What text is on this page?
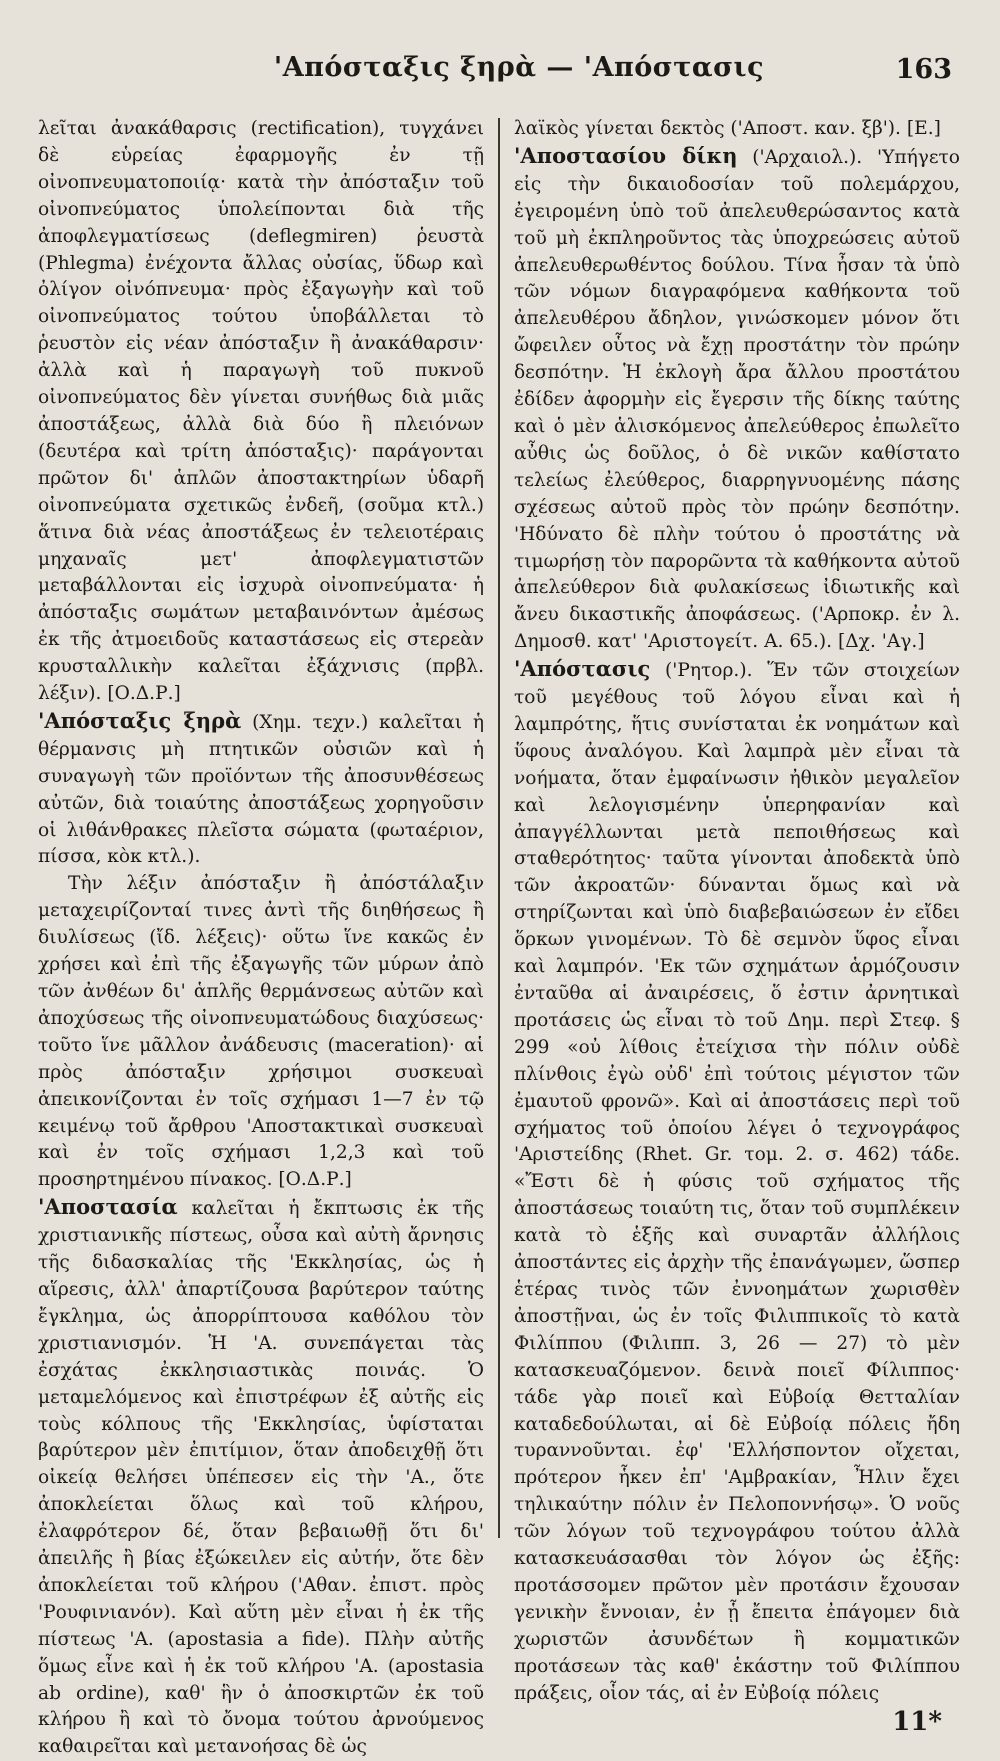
'Απόσταξις ξηρὰ — 'Απόστασις	163

λεῖται ἀνακάθαρσις (rectification), τυγχάνει δὲ εὑρείας ἐφαρμογῆς ἐν τῇ οἰνοπνευματοποιίᾳ· κατὰ τὴν ἀπόσταξιν τοῦ οἰνοπνεύματος ὑπολείπονται διὰ τῆς ἀποφλεγματίσεως (deflegmiren) ῥευστὰ (Phlegma) ἐνέχοντα ἄλλας οὐσίας, ὕδωρ καὶ ὀλίγον οἰνόπνευμα· πρὸς ἐξαγωγὴν καὶ τοῦ οἰνοπνεύματος τούτου ὑποβάλλεται τὸ ῥευστὸν εἰς νέαν ἀπόσταξιν ἢ ἀνακάθαρσιν· ἀλλὰ καὶ ἡ παραγωγὴ τοῦ πυκνοῦ οἰνοπνεύματος δὲν γίνεται συνήθως διὰ μιᾶς ἀποστάξεως, ἀλλὰ διὰ δύο ἢ πλειόνων (δευτέρα καὶ τρίτη ἀπόσταξις)· παράγονται πρῶτον δι' ἁπλῶν ἀποστακτηρίων ὑδαρῆ οἰνοπνεύματα σχετικῶς ἐνδεῆ, (σοῦμα κτλ.) ἅτινα διὰ νέας ἀποστάξεως ἐν τελειοτέραις μηχαναῖς μετ' ἀποφλεγματιστῶν μεταβάλλονται εἰς ἰσχυρὰ οἰνοπνεύματα· ἡ ἀπόσταξις σωμάτων μεταβαινόντων ἀμέσως ἐκ τῆς ἀτμοειδοῦς καταστάσεως εἰς στερεὰν κρυσταλλικὴν καλεῖται ἐξάχνισις (πρβλ. λέξιν). [Ο.Δ.Ρ.]

'Απόσταξις ξηρὰ (Χημ. τεχν.) καλεῖται ἡ θέρμανσις μὴ πτητικῶν οὐσιῶν καὶ ἡ συναγωγὴ τῶν προϊόντων τῆς ἀποσυνθέσεως αὐτῶν, διὰ τοιαύτης ἀποστάξεως χορηγοῦσιν οἱ λιθάνθρακες πλεῖστα σώματα (φωταέριον, πίσσα, κὸκ κτλ.).

Τὴν λέξιν ἀπόσταξιν ἢ ἀπόστάλαξιν μεταχειρίζονταί τινες ἀντὶ τῆς διηθήσεως ἢ διυλίσεως (ἴδ. λέξεις)· οὕτω ἵνε κακῶς ἐν χρήσει καὶ ἐπὶ τῆς ἐξαγωγῆς τῶν μύρων ἀπὸ τῶν ἀνθέων δι' ἁπλῆς θερμάνσεως αὐτῶν καὶ ἀποχύσεως τῆς οἰνοπνευματώδους διαχύσεως· τοῦτο ἵνε μᾶλλον ἀνάδευσις (maceration)· αἱ πρὸς ἀπόσταξιν χρήσιμοι συσκευαὶ ἀπεικονίζονται ἐν τοῖς σχήμασι 1—7 ἐν τῷ κειμένῳ τοῦ ἄρθρου 'Αποστακτικαὶ συσκευαὶ καὶ ἐν τοῖς σχήμασι 1,2,3 καὶ τοῦ προσηρτημένου πίνακος. [Ο.Δ.Ρ.]

'Αποστασία καλεῖται ἡ ἔκπτωσις ἐκ τῆς χριστιανικῆς πίστεως, οὖσα καὶ αὐτὴ ἄρνησις τῆς διδασκαλίας τῆς 'Εκκλησίας, ὡς ἡ αἵρεσις, ἀλλ' ἀπαρτίζουσα βαρύτερον ταύτης ἔγκλημα, ὡς ἀπορρίπτουσα καθόλου τὸν χριστιανισμόν. Ἡ 'Α. συνεπάγεται τὰς ἐσχάτας ἐκκλησιαστικὰς ποινάς. Ὁ μεταμελόμενος καὶ ἐπιστρέφων ἐξ αὐτῆς εἰς τοὺς κόλπους τῆς 'Εκκλησίας, ὑφίσταται βαρύτερον μὲν ἐπιτίμιον, ὅταν ἀποδειχθῇ ὅτι οἰκείᾳ θελήσει ὑπέπεσεν εἰς τὴν 'Α., ὅτε ἀποκλείεται ὅλως καὶ τοῦ κλήρου, ἐλαφρότερον δέ, ὅταν βεβαιωθῇ ὅτι δι' ἀπειλῆς ἢ βίας ἐξώκειλεν εἰς αὐτήν, ὅτε δὲν ἀποκλείεται τοῦ κλήρου ('Αθαν. ἐπιστ. πρὸς 'Ρουφινιανόν). Καὶ αὕτη μὲν εἶναι ἡ ἐκ τῆς πίστεως 'Α. (apostasia a fide). Πλὴν αὐτῆς ὅμως εἶνε καὶ ἡ ἐκ τοῦ κλήρου 'Α. (apostasia ab ordine), καθ' ἣν ὁ ἀποσκιρτῶν ἐκ τοῦ κλήρου ἢ καὶ τὸ ὄνομα τούτου ἀρνούμενος καθαιρεῖται καὶ μετανοήσας δὲ ὡς

λαϊκὸς γίνεται δεκτὸς ('Αποστ. καν. ξβ'). [Ε.]

'Αποστασίου δίκη ('Αρχαιολ.). 'Υπήγετο εἰς τὴν δικαιοδοσίαν τοῦ πολεμάρχου, ἐγειρομένη ὑπὸ τοῦ ἀπελευθερώσαντος κατὰ τοῦ μὴ ἐκπληροῦντος τὰς ὑποχρεώσεις αὐτοῦ ἀπελευθερωθέντος δούλου. Τίνα ἦσαν τὰ ὑπὸ τῶν νόμων διαγραφόμενα καθήκοντα τοῦ ἀπελευθέρου ἄδηλον, γινώσκομεν μόνον ὅτι ὤφειλεν οὗτος νὰ ἔχῃ προστάτην τὸν πρώην δεσπότην. Ἡ ἐκλογὴ ἄρα ἄλλου προστάτου ἐδίδεν ἀφορμὴν εἰς ἔγερσιν τῆς δίκης ταύτης καὶ ὁ μὲν ἁλισκόμενος ἀπελεύθερος ἐπωλεῖτο αὖθις ὡς δοῦλος, ὁ δὲ νικῶν καθίστατο τελείως ἐλεύθερος, διαρρηγνυομένης πάσης σχέσεως αὐτοῦ πρὸς τὸν πρώην δεσπότην. 'Ηδύνατο δὲ πλὴν τούτου ὁ προστάτης νὰ τιμωρήσῃ τὸν παρορῶντα τὰ καθήκοντα αὐτοῦ ἀπελεύθερον διὰ φυλακίσεως ἰδιωτικῆς καὶ ἄνευ δικαστικῆς ἀποφάσεως. ('Αρποκρ. ἐν λ. Δημοσθ. κατ' 'Αριστογείτ. Α. 65.). [Δχ. 'Αγ.]

'Απόστασις ('Ρητορ.). Ἕν τῶν στοιχείων τοῦ μεγέθους τοῦ λόγου εἶναι καὶ ἡ λαμπρότης, ἥτις συνίσταται ἐκ νοημάτων καὶ ὕφους ἀναλόγου. Καὶ λαμπρὰ μὲν εἶναι τὰ νοήματα, ὅταν ἐμφαίνωσιν ἠθικὸν μεγαλεῖον καὶ λελογισμένην ὑπερηφανίαν καὶ ἀπαγγέλλωνται μετὰ πεποιθήσεως καὶ σταθερότητος· ταῦτα γίνονται ἀποδεκτὰ ὑπὸ τῶν ἀκροατῶν· δύνανται ὅμως καὶ νὰ στηρίζωνται καὶ ὑπὸ διαβεβαιώσεων ἐν εἴδει ὅρκων γινομένων. Τὸ δὲ σεμνὸν ὕφος εἶναι καὶ λαμπρόν. 'Εκ τῶν σχημάτων ἁρμόζουσιν ἐνταῦθα αἱ ἀναιρέσεις, ὅ ἐστιν ἀρνητικαὶ προτάσεις ὡς εἶναι τὸ τοῦ Δημ. περὶ Στεφ. § 299 «οὐ λίθοις ἐτείχισα τὴν πόλιν οὐδὲ πλίνθοις ἐγὼ οὐδ' ἐπὶ τούτοις μέγιστον τῶν ἐμαυτοῦ φρονῶ». Καὶ αἱ ἀποστάσεις περὶ τοῦ σχήματος τοῦ ὁποίου λέγει ὁ τεχνογράφος 'Αριστείδης (Rhet. Gr. τομ. 2. σ. 462) τάδε. «Ἔστι δὲ ἡ φύσις τοῦ σχήματος τῆς ἀποστάσεως τοιαύτη τις, ὅταν τοῦ συμπλέκειν κατὰ τὸ ἑξῆς καὶ συναρτᾶν ἀλλήλοις ἀποστάντες εἰς ἀρχὴν τῆς ἐπανάγωμεν, ὥσπερ ἑτέρας τινὸς τῶν ἐννοημάτων χωρισθὲν ἀποστῇναι, ὡς ἐν τοῖς Φιλιππικοῖς τὸ κατὰ Φιλίππου (Φιλιππ. 3, 26 — 27) τὸ μὲν κατασκευαζόμενον. δεινὰ ποιεῖ Φίλιππος· τάδε γὰρ ποιεῖ καὶ Εὐβοίᾳ Θετταλίαν καταδεδούλωται, αἱ δὲ Εὐβοίᾳ πόλεις ἤδη τυραννοῦνται. ἐφ' 'Ελλήσποντον οἴχεται, πρότερον ἧκεν ἐπ' 'Αμβρακίαν, Ἦλιν ἔχει τηλικαύτην πόλιν ἐν Πελοποννήσῳ». Ὁ νοῦς τῶν λόγων τοῦ τεχνογράφου τούτου ἀλλὰ κατασκευάσασθαι τὸν λόγον ὡς ἐξῆς: προτάσσομεν πρῶτον μὲν προτάσιν ἔχουσαν γενικὴν ἔννοιαν, ἐν ᾗ ἔπειτα ἐπάγομεν διὰ χωριστῶν ἀσυνδέτων ἢ κομματικῶν προτάσεων τὰς καθ' ἑκάστην τοῦ Φιλίππου πράξεις, οἷον τάς, αἱ ἐν Εὐβοίᾳ πόλεις

11*
